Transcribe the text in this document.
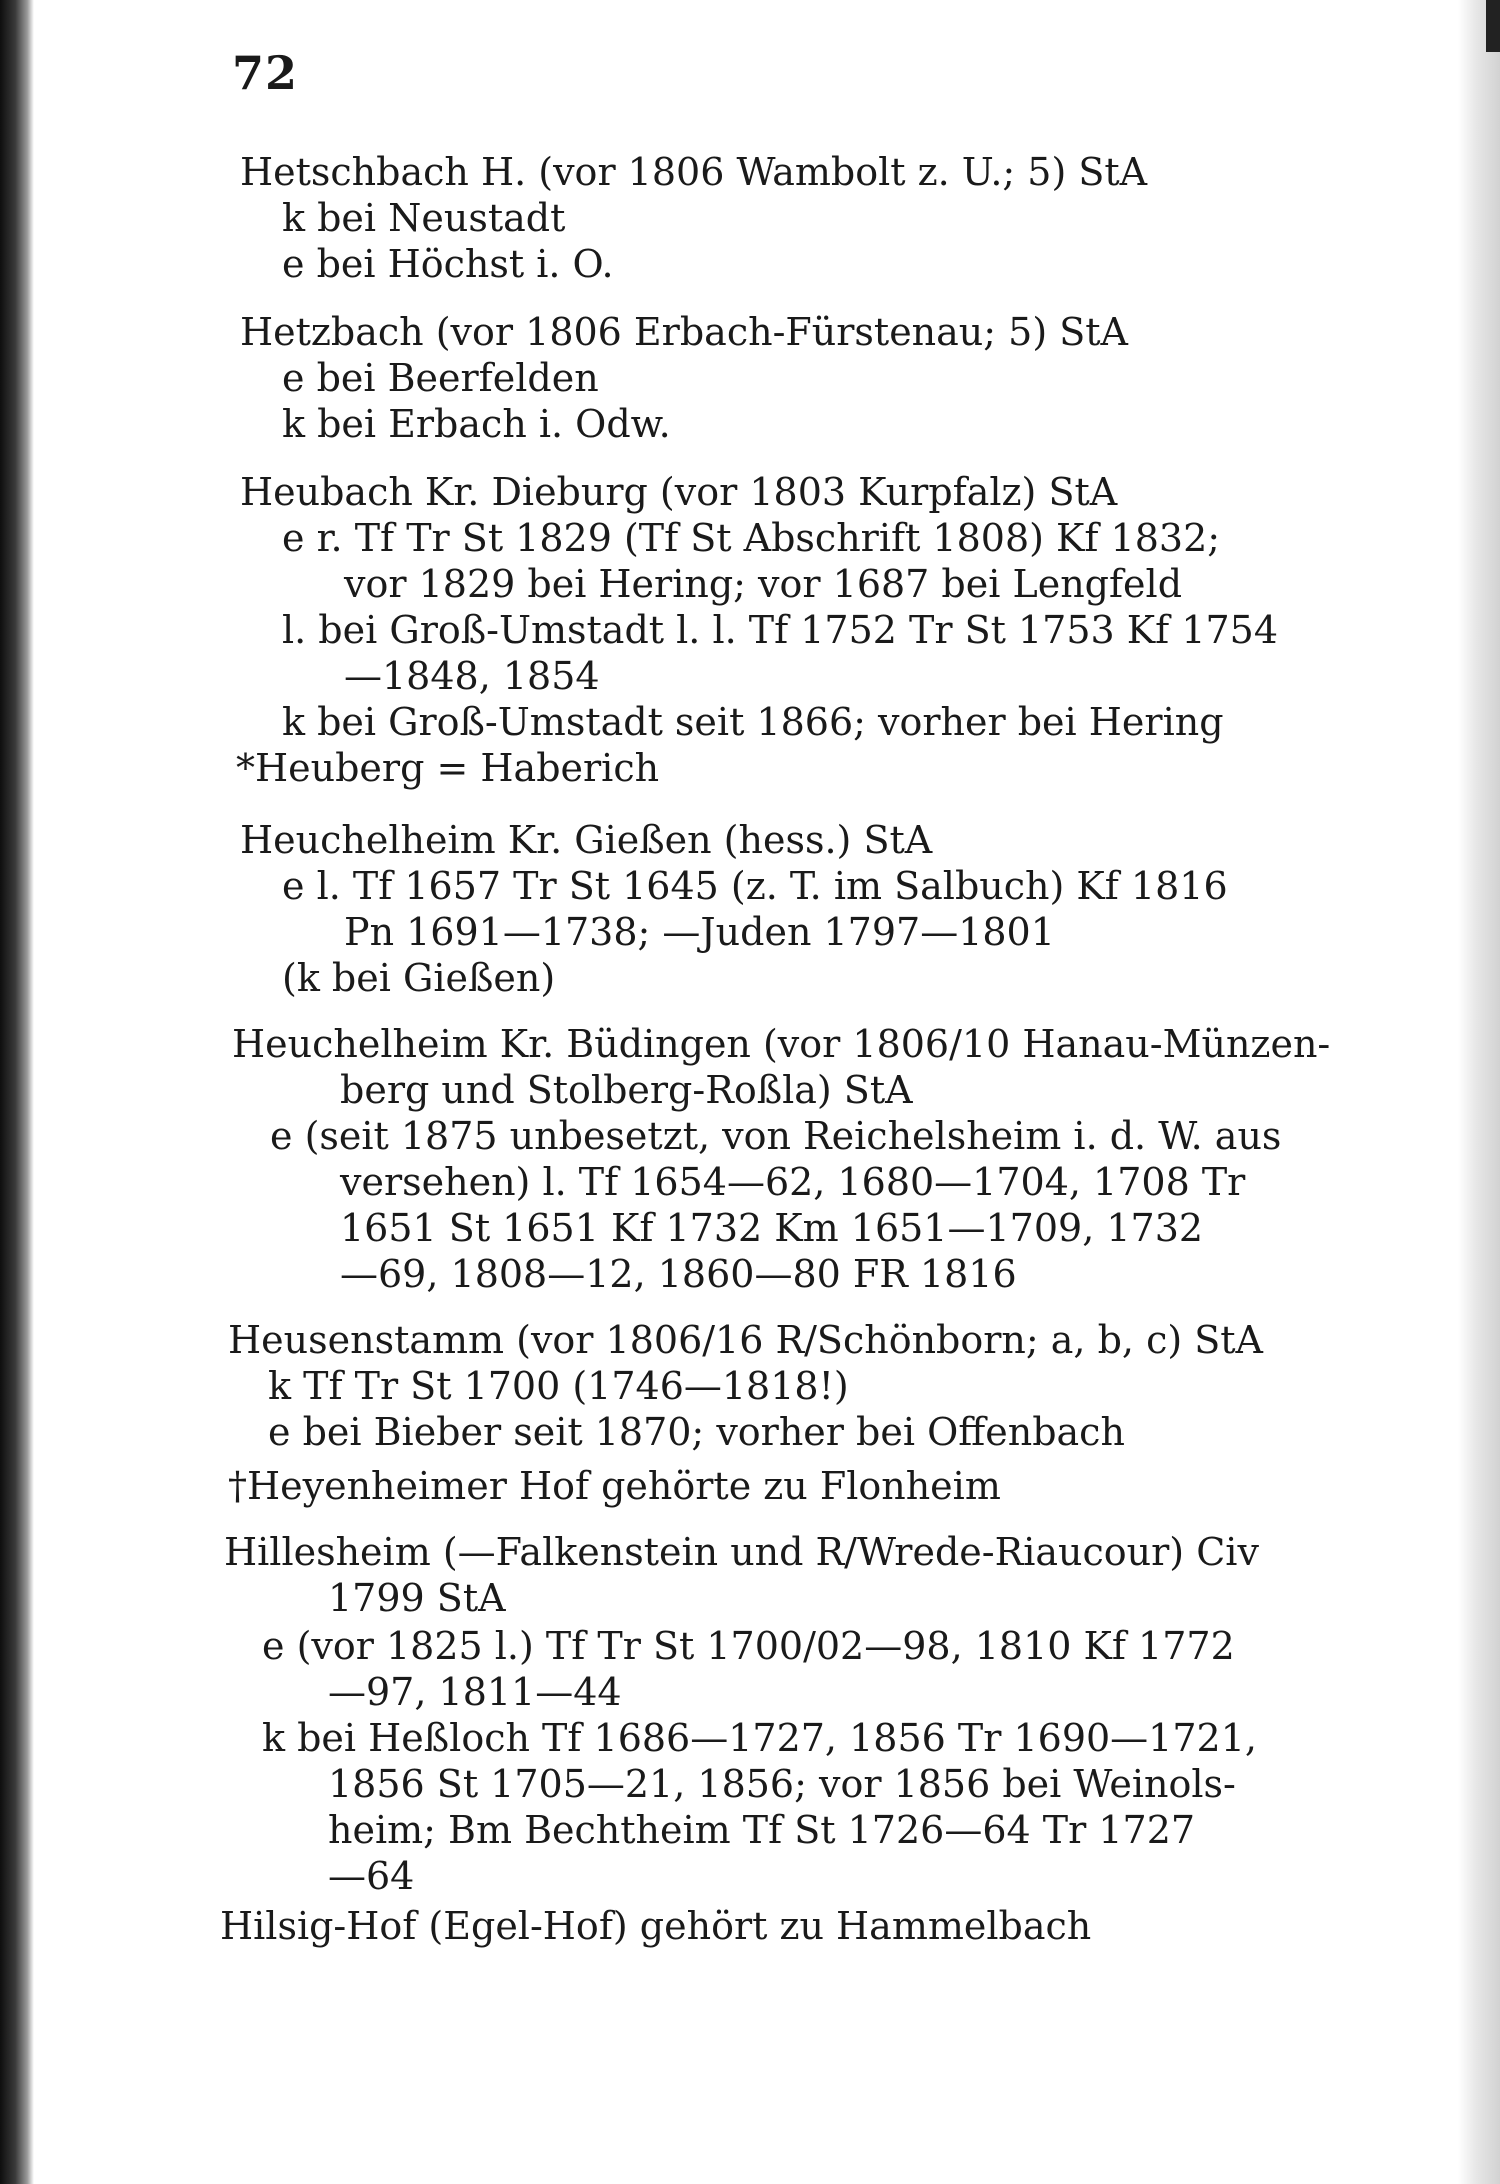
72
Hetschbach H. (vor 1806 Wambolt z. U.; 5) StA
k bei Neustadt
e bei Höchst i. O.
Hetzbach (vor 1806 Erbach-Fürstenau; 5) StA
e bei Beerfelden
k bei Erbach i. Odw.
Heubach Kr. Dieburg (vor 1803 Kurpfalz) StA
e r. Tf Tr St 1829 (Tf St Abschrift 1808) Kf 1832;
vor 1829 bei Hering; vor 1687 bei Lengfeld
l. bei Groß-Umstadt l. l. Tf 1752 Tr St 1753 Kf 1754
—1848, 1854
k bei Groß-Umstadt seit 1866; vorher bei Hering
*Heuberg = Haberich
Heuchelheim Kr. Gießen (hess.) StA
e l. Tf 1657 Tr St 1645 (z. T. im Salbuch) Kf 1816
Pn 1691—1738; —Juden 1797—1801
(k bei Gießen)
Heuchelheim Kr. Büdingen (vor 1806/10 Hanau-Münzen-
berg und Stolberg-Roßla) StA
e (seit 1875 unbesetzt, von Reichelsheim i. d. W. aus
versehen) l. Tf 1654—62, 1680—1704, 1708 Tr
1651 St 1651 Kf 1732 Km 1651—1709, 1732
—69, 1808—12, 1860—80 FR 1816
Heusenstamm (vor 1806/16 R/Schönborn; a, b, c) StA
k Tf Tr St 1700 (1746—1818!)
e bei Bieber seit 1870; vorher bei Offenbach
†Heyenheimer Hof gehörte zu Flonheim
Hillesheim (—Falkenstein und R/Wrede-Riaucour) Civ
1799 StA
e (vor 1825 l.) Tf Tr St 1700/02—98, 1810 Kf 1772
—97, 1811—44
k bei Heßloch Tf 1686—1727, 1856 Tr 1690—1721,
1856 St 1705—21, 1856; vor 1856 bei Weinols-
heim; Bm Bechtheim Tf St 1726—64 Tr 1727
—64
Hilsig-Hof (Egel-Hof) gehört zu Hammelbach
